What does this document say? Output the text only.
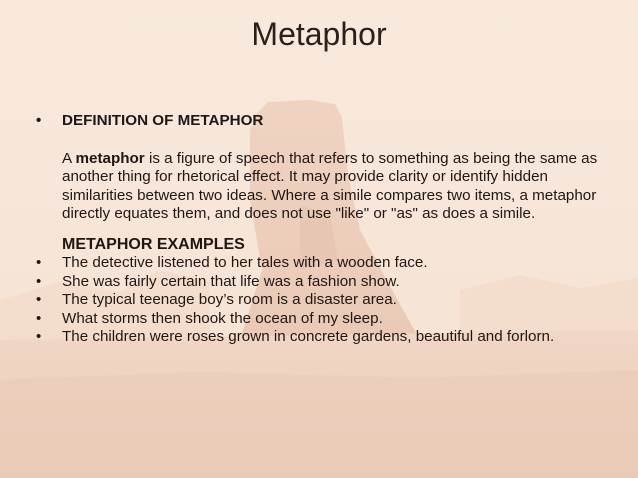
Metaphor
• DEFINITION OF METAPHOR
A metaphor is a figure of speech that refers to something as being the same as another thing for rhetorical effect. It may provide clarity or identify hidden similarities between two ideas. Where a simile compares two items, a metaphor directly equates them, and does not use "like" or "as" as does a simile.
METAPHOR EXAMPLES
• The detective listened to her tales with a wooden face.
• She was fairly certain that life was a fashion show.
• The typical teenage boy’s room is a disaster area.
• What storms then shook the ocean of my sleep.
• The children were roses grown in concrete gardens, beautiful and forlorn.
